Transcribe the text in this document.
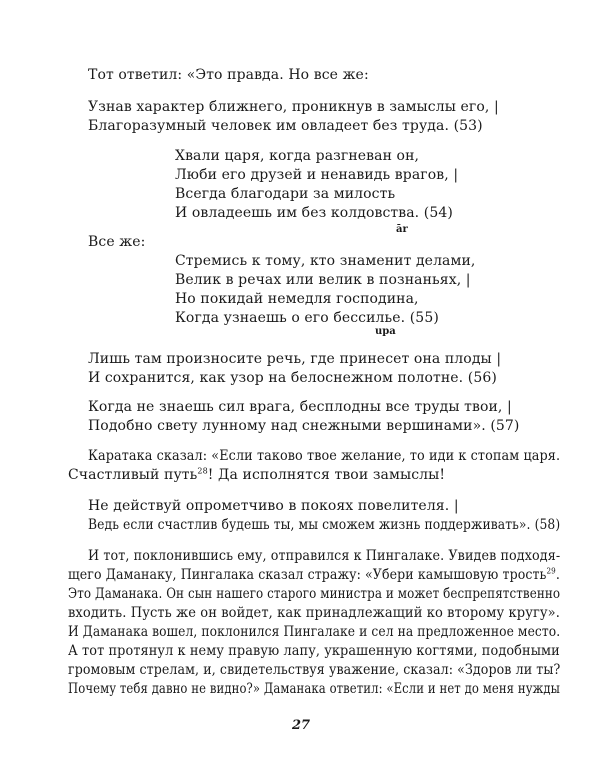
Тот ответил: «Это правда. Но все же:
Узнав характер ближнего, проникнув в замыслы его, |
Благоразумный человек им овладеет без труда. (53)
Хвали царя, когда разгневан он,
Люби его друзей и ненавидь врагов, |
Всегда благодари за милость
И овладеешь им без колдовства. (54)
ār
Все же:
Стремись к тому, кто знаменит делами,
Велик в речах или велик в познаньях, |
Но покидай немедля господина,
Когда узнаешь о его бессилье. (55)
upa
Лишь там произносите речь, где принесет она плоды |
И сохранится, как узор на белоснежном полотне. (56)
Когда не знаешь сил врага, бесплодны все труды твои, |
Подобно свету лунному над снежными вершинами». (57)
Каратака сказал: «Если таково твое желание, то иди к стопам царя.
Счастливый путь$^{28}$! Да исполнятся твои замыслы!
Не действуй опрометчиво в покоях повелителя. |
Ведь если счастлив будешь ты, мы сможем жизнь поддерживать». (58)
И тот, поклонившись ему, отправился к Пингалаке. Увидев подходя-
щего Даманаку, Пингалака сказал стражу: «Убери камышовую трость$^{29}$.
Это Даманака. Он сын нашего старого министра и может беспрепятственно
входить. Пусть же он войдет, как принадлежащий ко второму кругу».
И Даманака вошел, поклонился Пингалаке и сел на предложенное место.
А тот протянул к нему правую лапу, украшенную когтями, подобными
громовым стрелам, и, свидетельствуя уважение, сказал: «Здоров ли ты?
Почему тебя давно не видно?» Даманака ответил: «Если и нет до меня нужды
27
